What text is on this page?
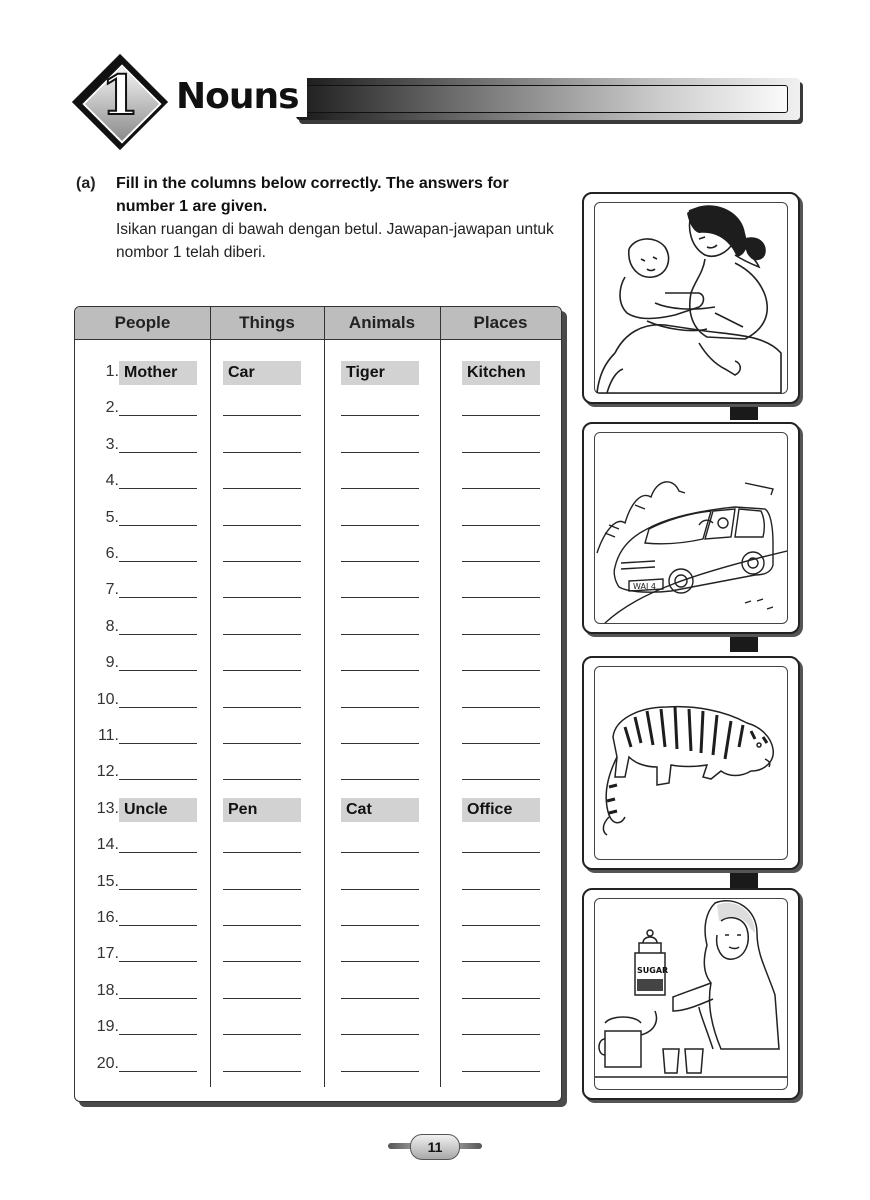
1	Nouns
(a) Fill in the columns below correctly. The answers for number 1 are given.
Isikan ruangan di bawah dengan betul. Jawapan-jawapan untuk nombor 1 telah diberi.
People	Things	Animals	Places
1. Mother	Car	Tiger	Kitchen
2.
3.
4.
5.
6.
7.
8.
9.
10.
11.
12.
13. Uncle	Pen	Cat	Office
14.
15.
16.
17.
18.
19.
20.
WAJ 4
SUGAR
11
